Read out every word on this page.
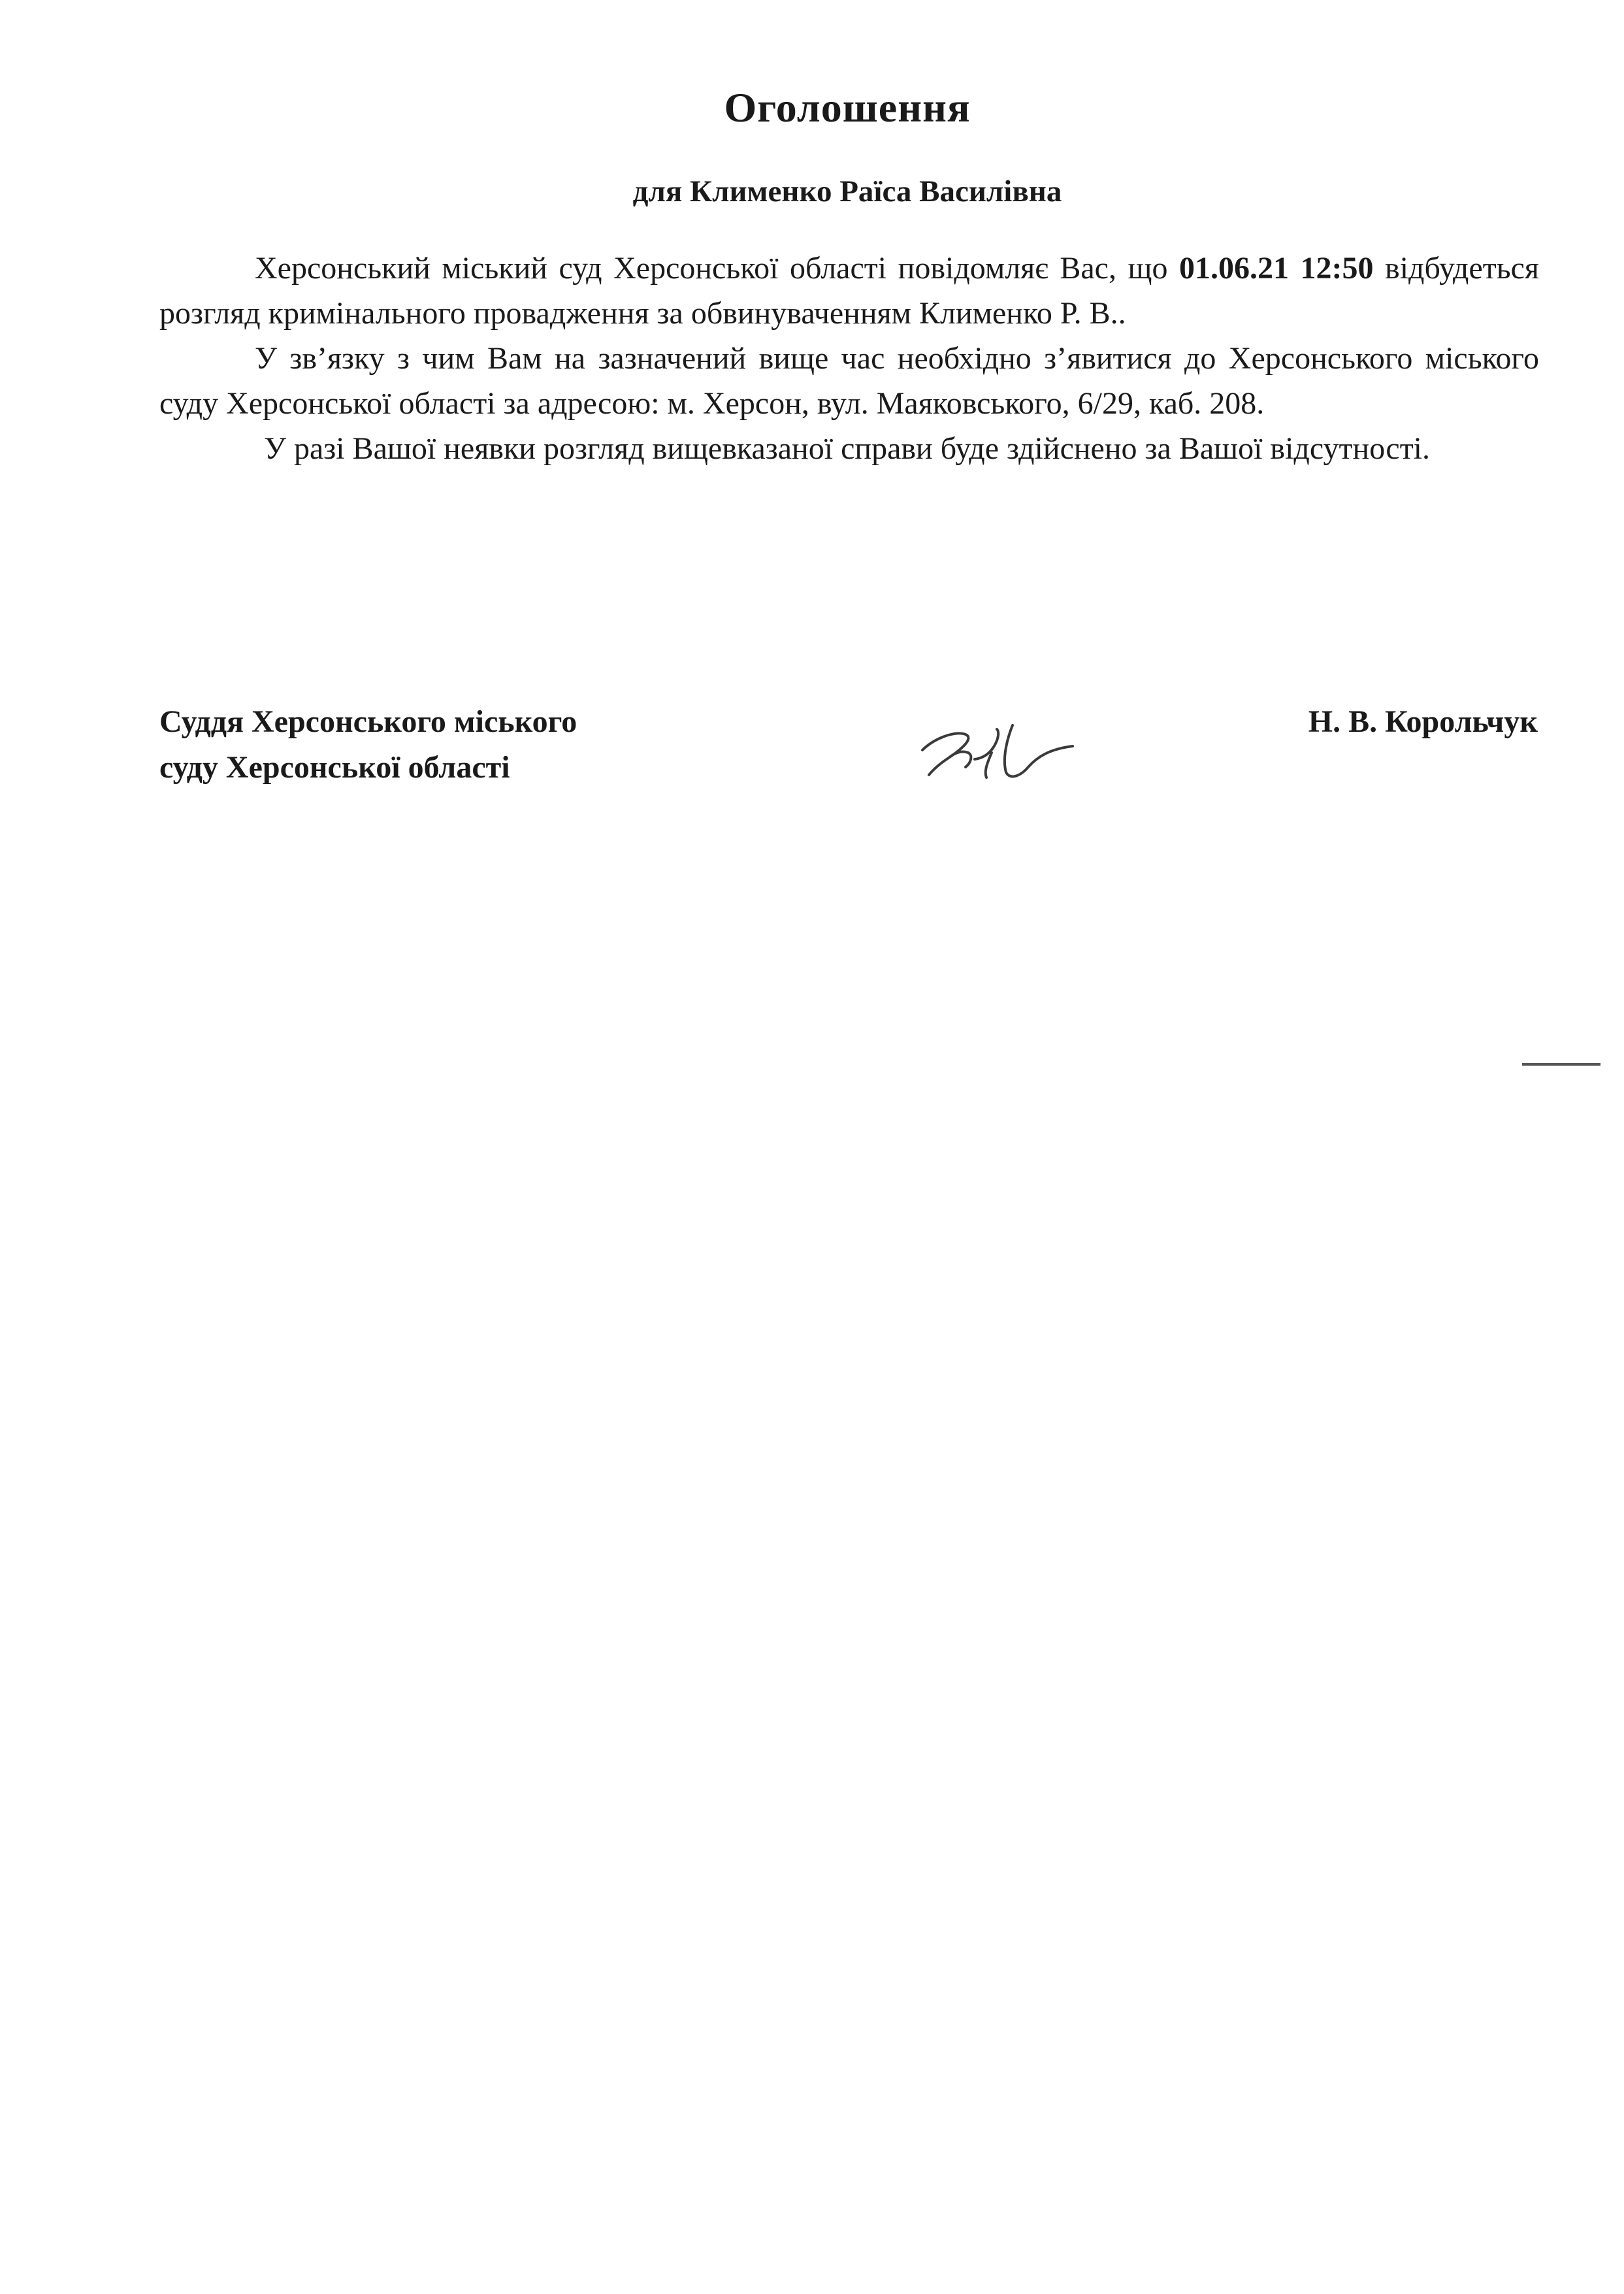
Оголошення
для Клименко Раїса Василівна

Херсонський міський суд Херсонської області повідомляє Вас, що 01.06.21 12:50 відбудеться розгляд кримінального провадження за обвинуваченням Клименко Р. В..

У зв’язку з чим Вам на зазначений вище час необхідно з’явитися до Херсонського міського суду Херсонської області за адресою: м. Херсон, вул. Маяковського, 6/29, каб. 208.

У разі Вашої неявки розгляд вищевказаної справи буде здійснено за Вашої відсутності.

Суддя Херсонського міського
суду Херсонської області
Н. В. Корольчук
